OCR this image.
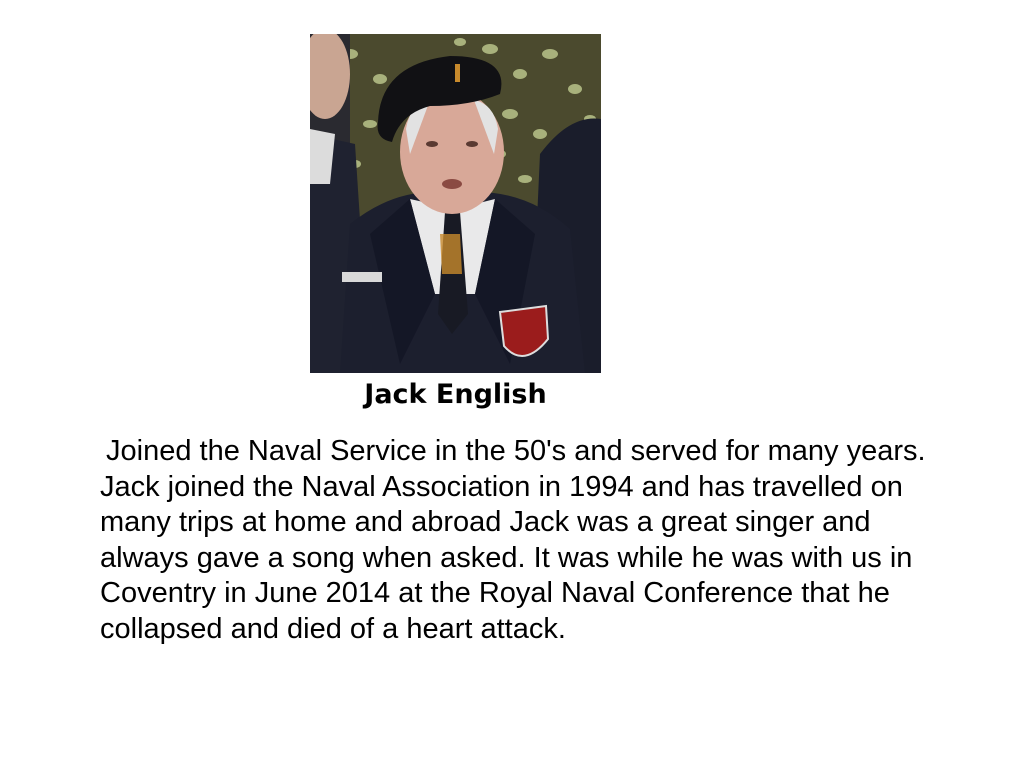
Jack English

Joined the Naval Service in the 50's and served for many years. Jack joined the Naval Association in 1994 and has travelled on many trips at home and abroad Jack was a great singer and always gave a song when asked. It was while he was with us in Coventry in June 2014 at the Royal Naval Conference that he collapsed and died of a heart attack.
